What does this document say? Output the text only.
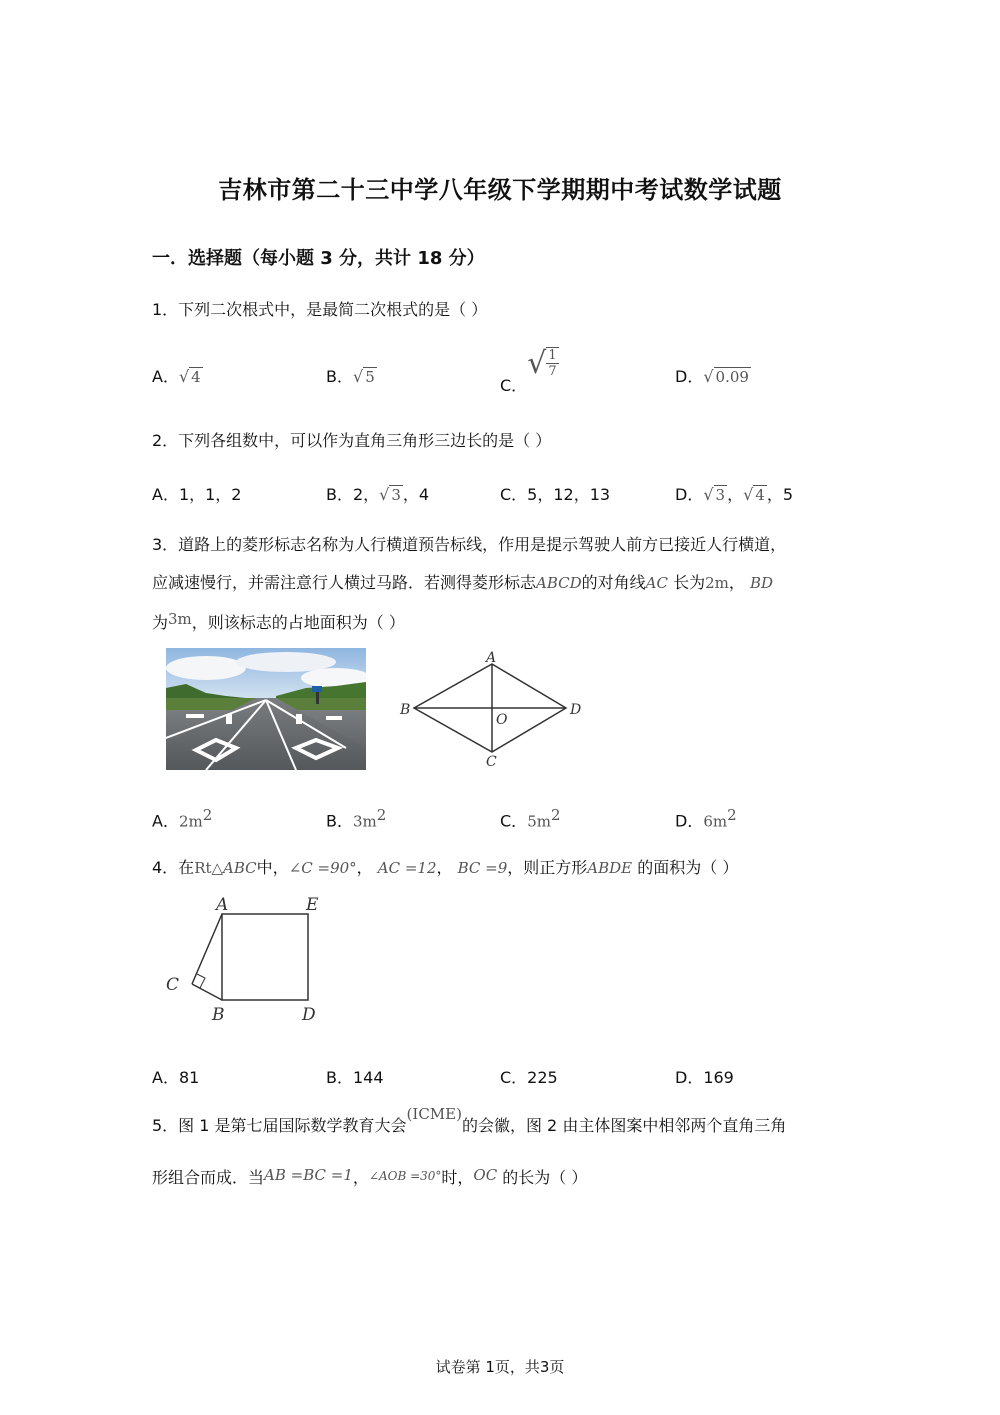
吉林市第二十三中学八年级下学期期中考试数学试题
一．选择题（每小题 3 分，共计 18 分）
1．下列二次根式中，是最简二次根式的是（ ）
A．√ 4	B．√ 5	C．√ $\frac{1}{7}$	D．√ 0.09
2．下列各组数中，可以作为直角三角形三边长的是（ ）
A．1，1，2	B．2，√ 3 ，4	C．5，12，13	D．√ 3 ，√ 4 ，5
3．道路上的菱形标志名称为人行横道预告标线，作用是提示驾驶人前方已接近人行横道，
应减速慢行，并需注意行人横过马路．若测得菱形标志ABCD的对角线AC 长为2m， BD
为3m，则该标志的占地面积为（ ）
A
B	D
C
O
A．$2m^2$	B．$3m^2$	C．$5m^2$	D．$6m^2$
4．在Rt△ABC中，∠C =90°， AC =12， BC =9，则正方形ABDE 的面积为（ ）
A	E
C
B	D
A．81	B．144	C．225	D．169
5．图 1 是第七届国际数学教育大会(ICME)的会徽，图 2 由主体图案中相邻两个直角三角
形组合而成．当AB =BC =1，∠AOB =30°时，OC 的长为（ ）
试卷第 1页，共3页
